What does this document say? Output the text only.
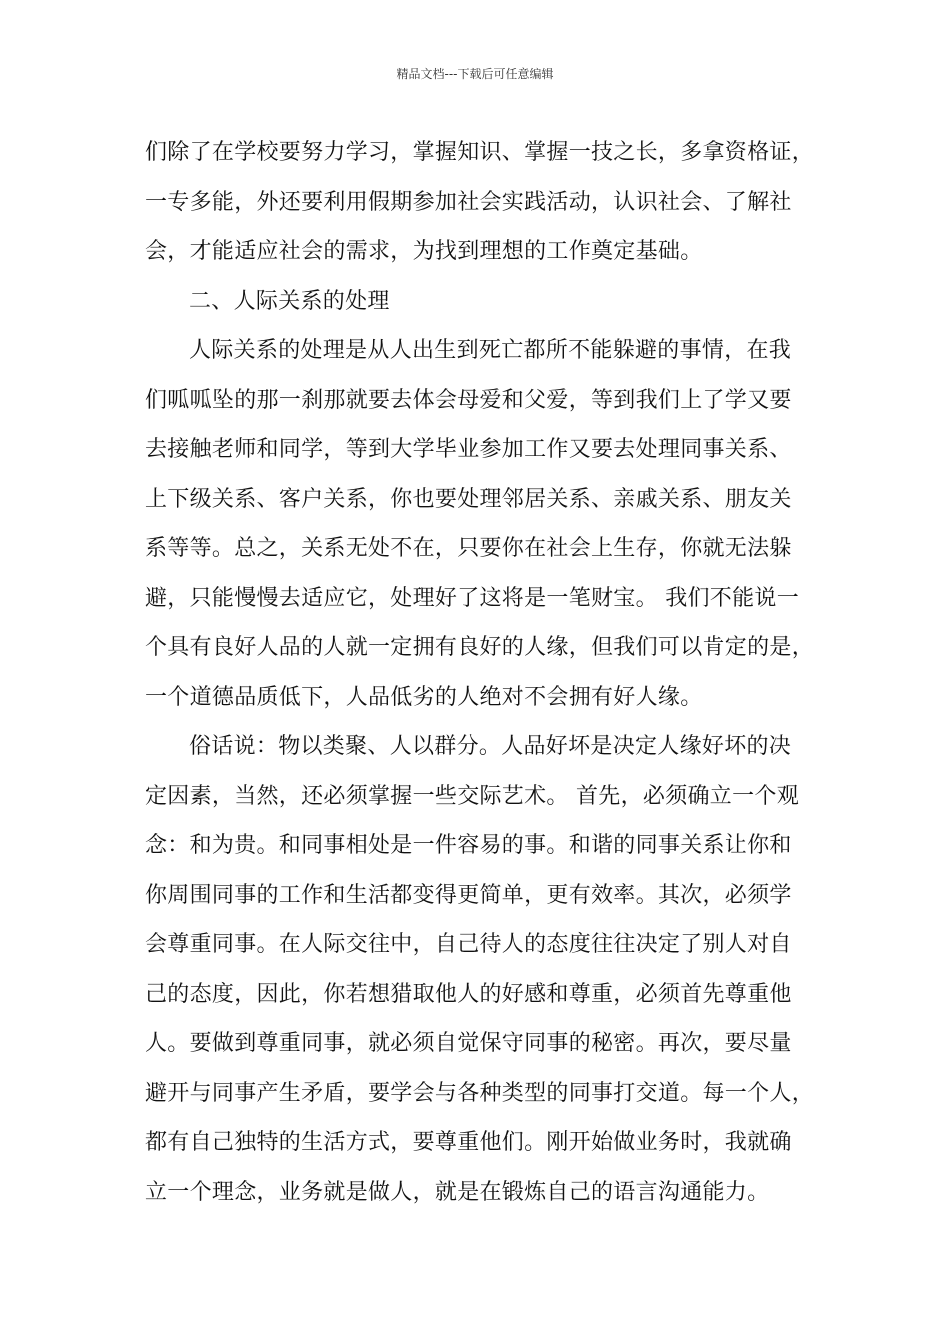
精品文档---下载后可任意编辑
们除了在学校要努力学习，掌握知识、掌握一技之长，多拿资格证，
一专多能，外还要利用假期参加社会实践活动，认识社会、了解社
会，才能适应社会的需求，为找到理想的工作奠定基础。
二、人际关系的处理
人际关系的处理是从人出生到死亡都所不能躲避的事情，在我
们呱呱坠的那一刹那就要去体会母爱和父爱，等到我们上了学又要
去接触老师和同学，等到大学毕业参加工作又要去处理同事关系、
上下级关系、客户关系，你也要处理邻居关系、亲戚关系、朋友关
系等等。总之，关系无处不在，只要你在社会上生存，你就无法躲
避，只能慢慢去适应它，处理好了这将是一笔财宝。 我们不能说一
个具有良好人品的人就一定拥有良好的人缘，但我们可以肯定的是，
一个道德品质低下，人品低劣的人绝对不会拥有好人缘。
俗话说：物以类聚、人以群分。人品好坏是决定人缘好坏的决
定因素，当然，还必须掌握一些交际艺术。 首先，必须确立一个观
念：和为贵。和同事相处是一件容易的事。和谐的同事关系让你和
你周围同事的工作和生活都变得更简单，更有效率。其次，必须学
会尊重同事。在人际交往中，自己待人的态度往往决定了别人对自
己的态度，因此，你若想猎取他人的好感和尊重，必须首先尊重他
人。要做到尊重同事，就必须自觉保守同事的秘密。再次，要尽量
避开与同事产生矛盾，要学会与各种类型的同事打交道。每一个人，
都有自己独特的生活方式，要尊重他们。刚开始做业务时，我就确
立一个理念，业务就是做人，就是在锻炼自己的语言沟通能力。
